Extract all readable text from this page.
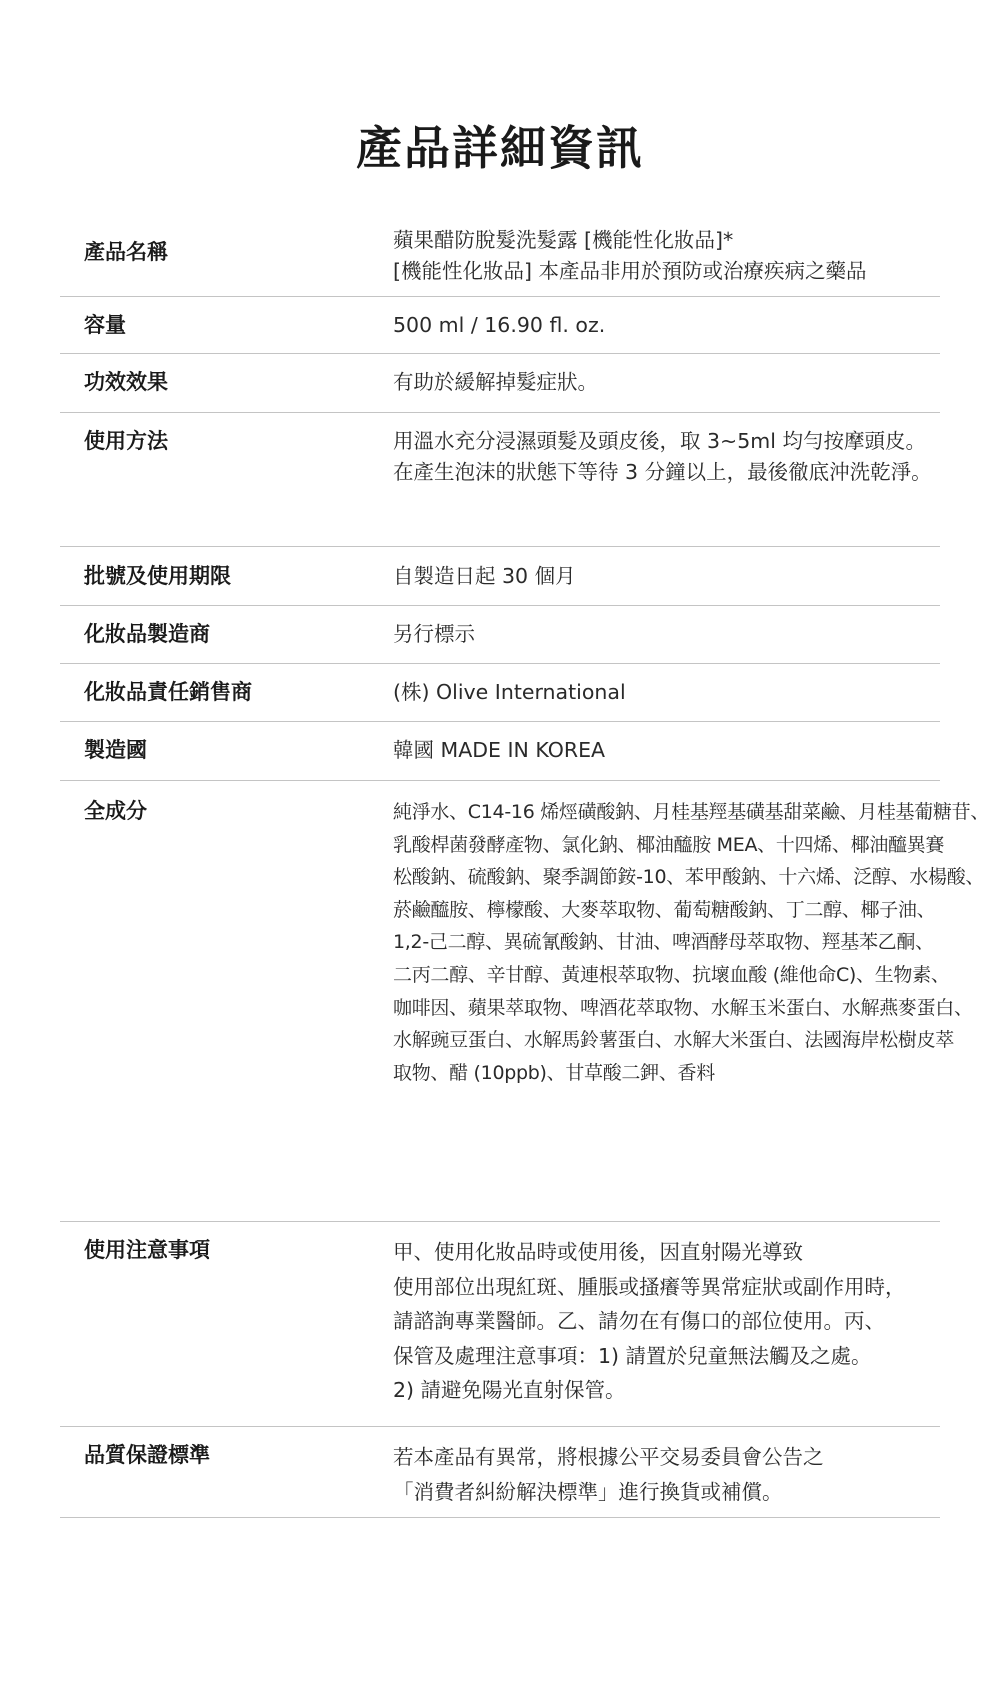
產品詳細資訊
產品名稱	蘋果醋防脫髮洗髮露 [機能性化妝品]*
[機能性化妝品] 本產品非用於預防或治療疾病之藥品
容量	500 ml / 16.90 fl. oz.
功效效果	有助於緩解掉髮症狀。
使用方法	用溫水充分浸濕頭髮及頭皮後，取 3~5ml 均勻按摩頭皮。
在產生泡沫的狀態下等待 3 分鐘以上，最後徹底沖洗乾淨。
批號及使用期限	自製造日起 30 個月
化妝品製造商	另行標示
化妝品責任銷售商	(株) Olive International
製造國	韓國 MADE IN KOREA
全成分	純淨水、C14-16 烯烴磺酸鈉、月桂基羥基磺基甜菜鹼、月桂基葡糖苷、
乳酸桿菌發酵產物、氯化鈉、椰油醯胺 MEA、十四烯、椰油醯異賽
松酸鈉、硫酸鈉、聚季調節銨-10、苯甲酸鈉、十六烯、泛醇、水楊酸、
菸鹼醯胺、檸檬酸、大麥萃取物、葡萄糖酸鈉、丁二醇、椰子油、
1,2-己二醇、異硫氰酸鈉、甘油、啤酒酵母萃取物、羥基苯乙酮、
二丙二醇、辛甘醇、黃連根萃取物、抗壞血酸 (維他命C)、生物素、
咖啡因、蘋果萃取物、啤酒花萃取物、水解玉米蛋白、水解燕麥蛋白、
水解豌豆蛋白、水解馬鈴薯蛋白、水解大米蛋白、法國海岸松樹皮萃
取物、醋 (10ppb)、甘草酸二鉀、香料
使用注意事項	甲、使用化妝品時或使用後，因直射陽光導致
使用部位出現紅斑、腫脹或搔癢等異常症狀或副作用時，
請諮詢專業醫師。乙、請勿在有傷口的部位使用。丙、
保管及處理注意事項：1) 請置於兒童無法觸及之處。
2) 請避免陽光直射保管。
品質保證標準	若本產品有異常，將根據公平交易委員會公告之
「消費者糾紛解決標準」進行換貨或補償。
